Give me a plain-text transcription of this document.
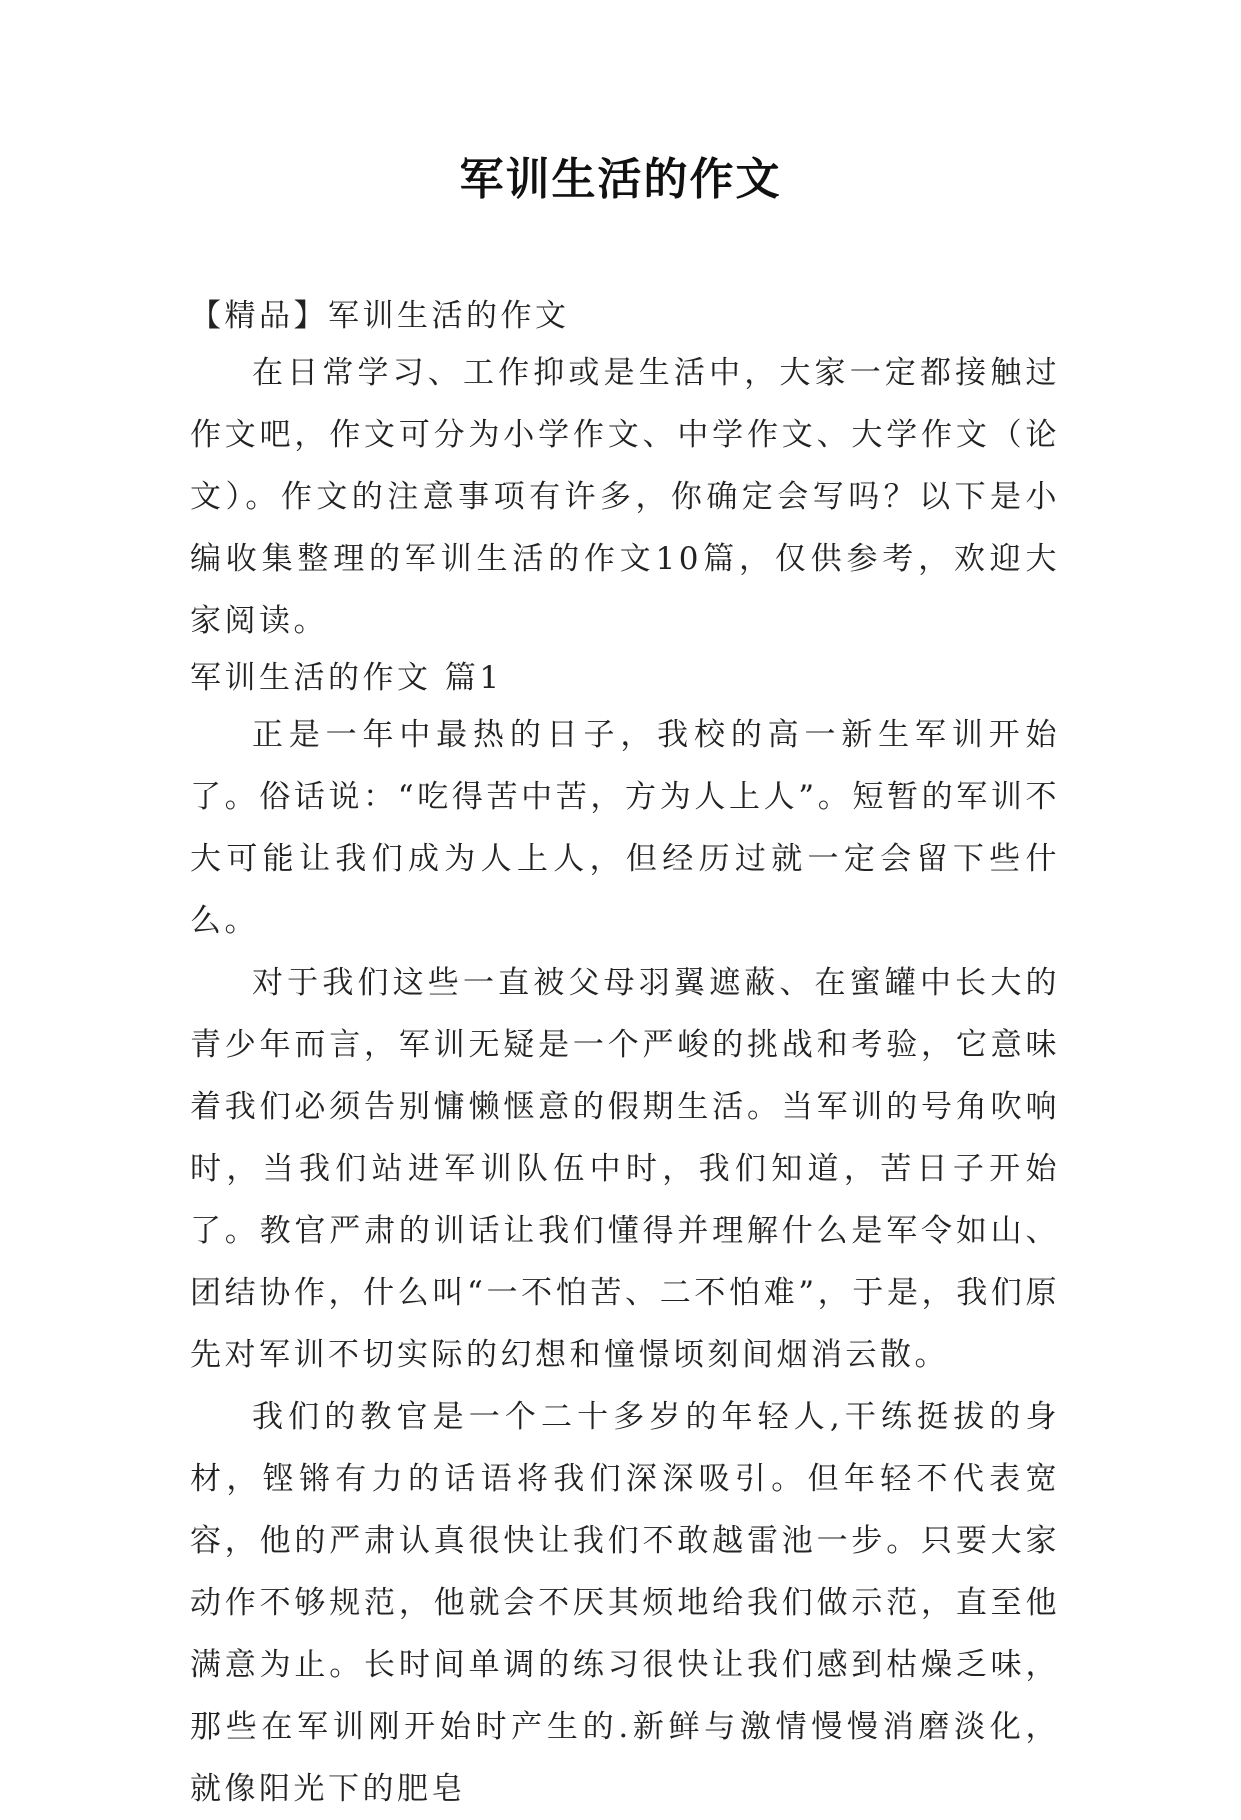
军训生活的作文

【精品】军训生活的作文

在日常学习、工作抑或是生活中，大家一定都接触过作文吧，作文可分为小学作文、中学作文、大学作文（论文）。作文的注意事项有许多，你确定会写吗？以下是小编收集整理的军训生活的作文10篇，仅供参考，欢迎大家阅读。

军训生活的作文 篇1

正是一年中最热的日子，我校的高一新生军训开始了。俗话说：“吃得苦中苦，方为人上人”。短暂的军训不大可能让我们成为人上人，但经历过就一定会留下些什么。

对于我们这些一直被父母羽翼遮蔽、在蜜罐中长大的青少年而言，军训无疑是一个严峻的挑战和考验，它意味着我们必须告别慵懒惬意的假期生活。当军训的号角吹响时，当我们站进军训队伍中时，我们知道，苦日子开始了。教官严肃的训话让我们懂得并理解什么是军令如山、团结协作，什么叫“一不怕苦、二不怕难”，于是，我们原先对军训不切实际的幻想和憧憬顷刻间烟消云散。

我们的教官是一个二十多岁的年轻人,干练挺拔的身材，铿锵有力的话语将我们深深吸引。但年轻不代表宽容，他的严肃认真很快让我们不敢越雷池一步。只要大家动作不够规范，他就会不厌其烦地给我们做示范，直至他满意为止。长时间单调的练习很快让我们感到枯燥乏味，那些在军训刚开始时产生的.新鲜与激情慢慢消磨淡化，就像阳光下的肥皂
